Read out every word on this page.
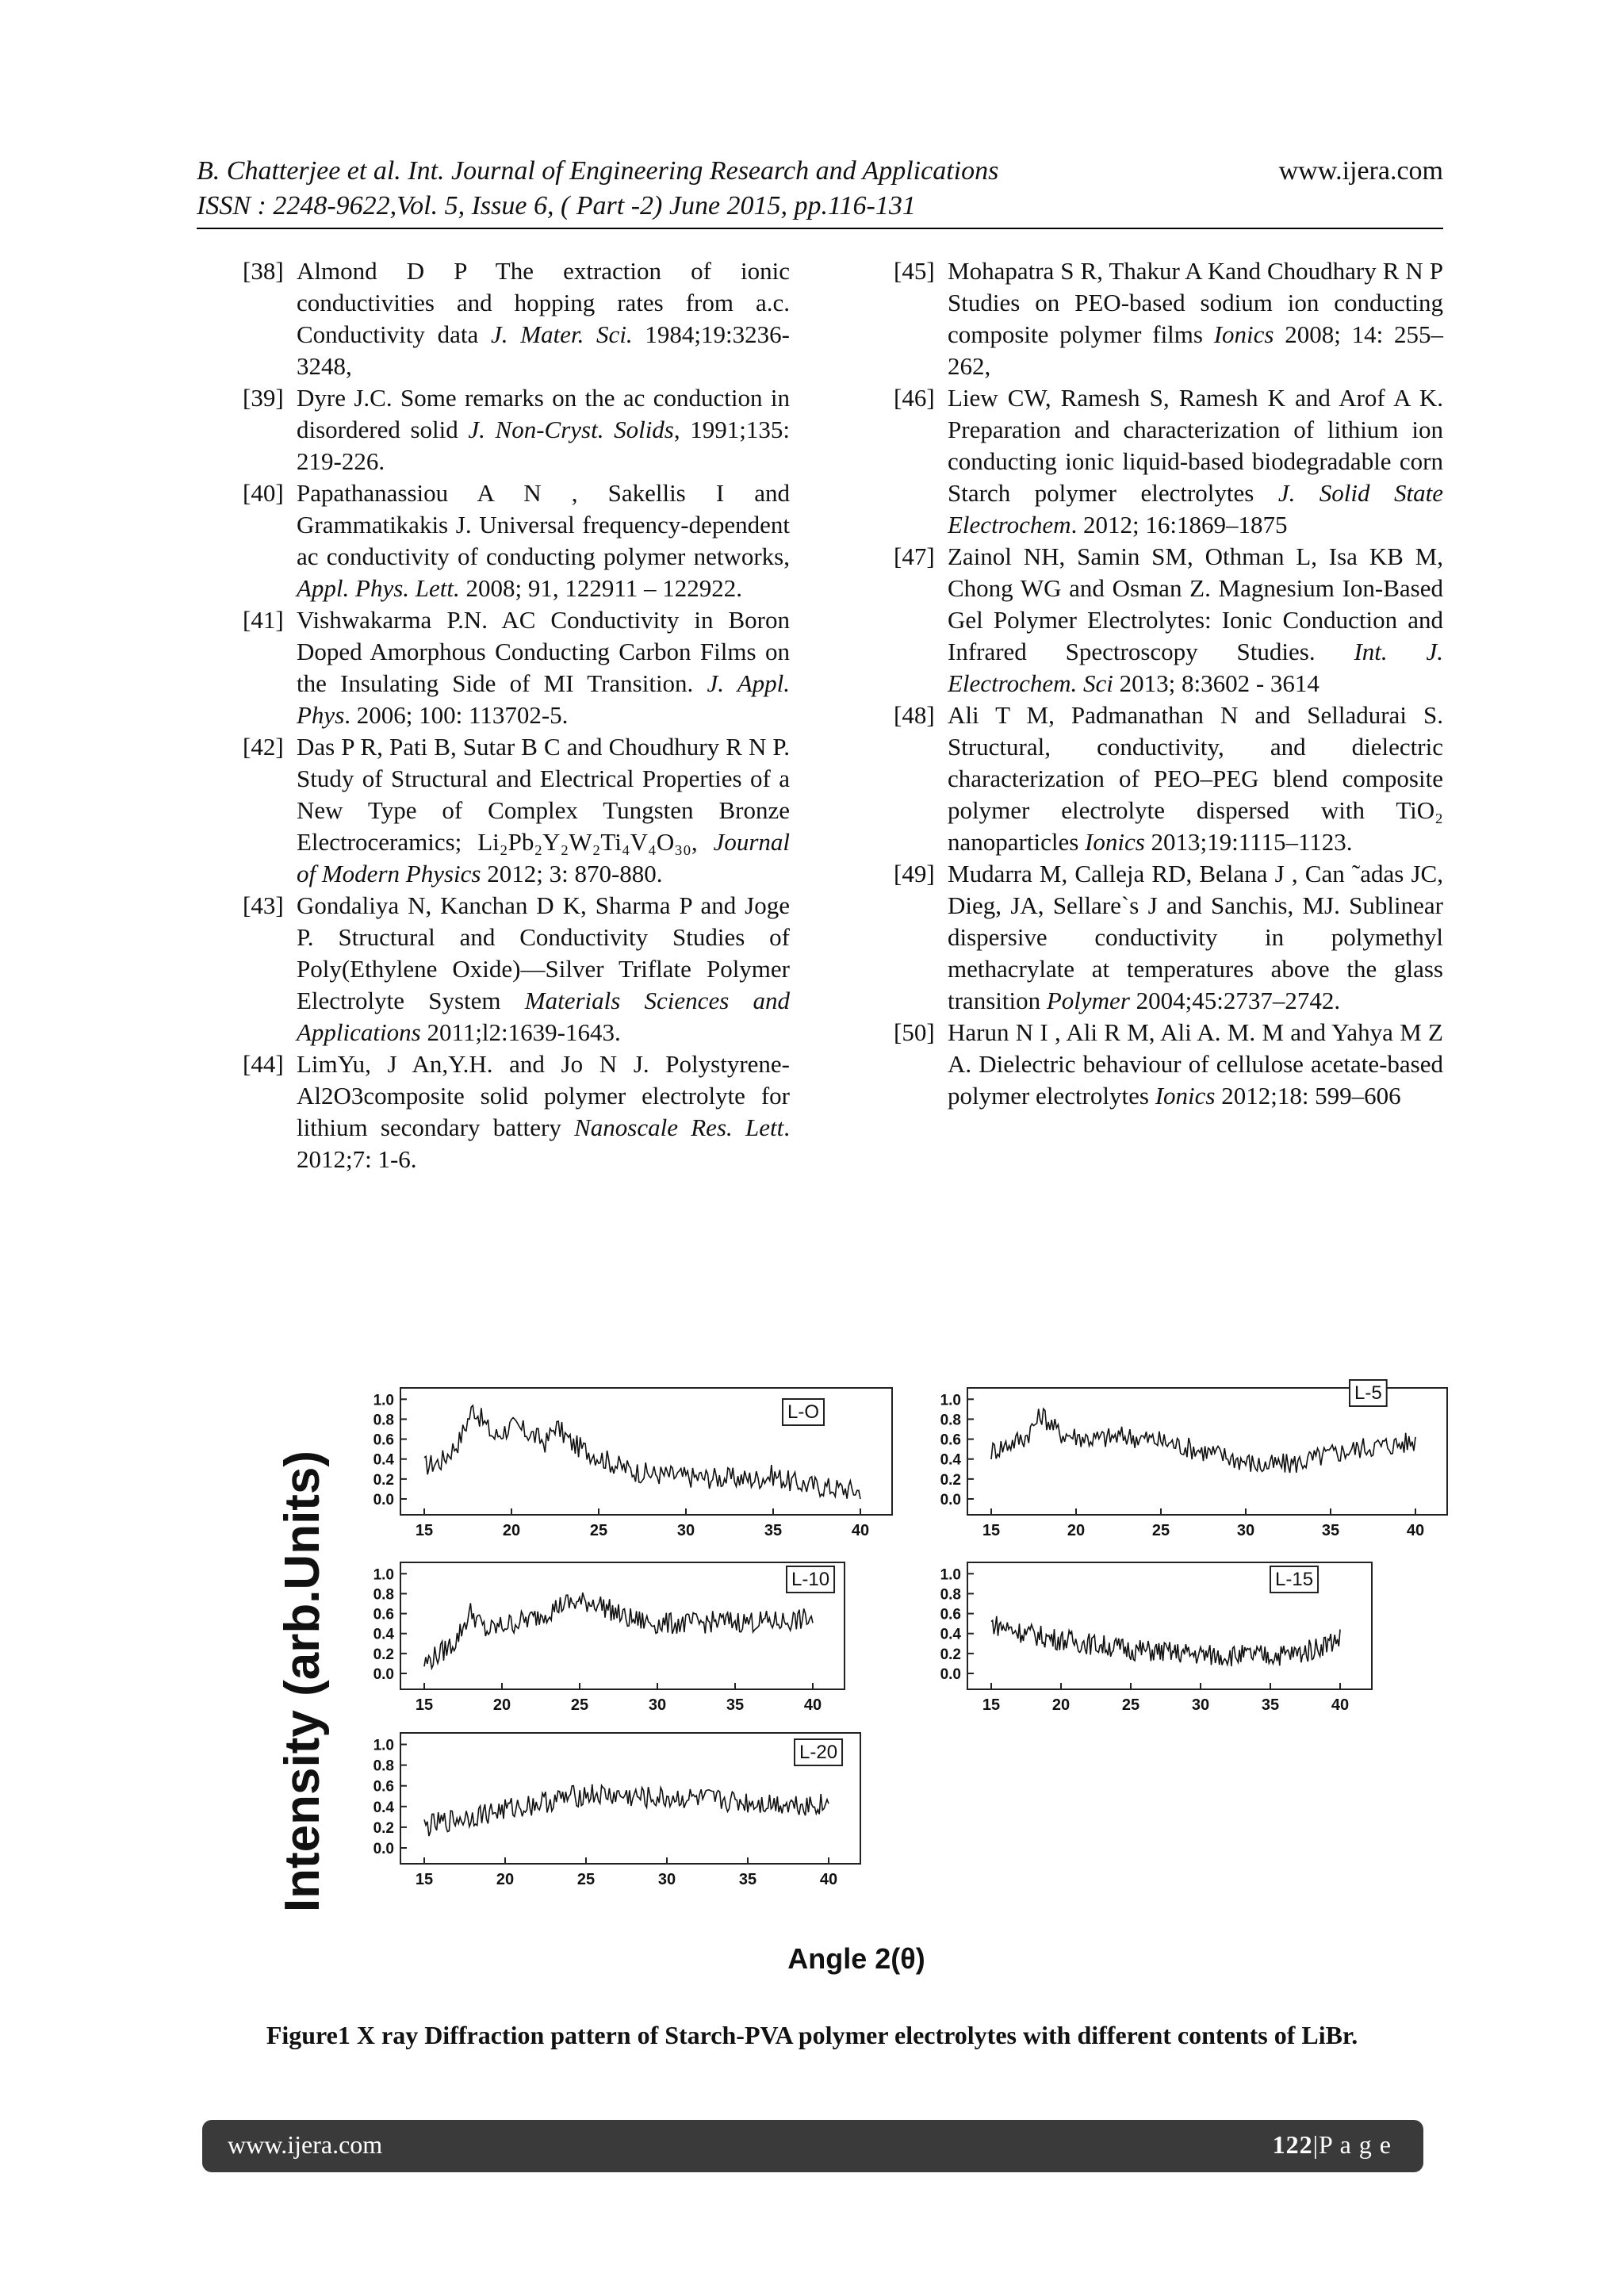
B. Chatterjee et al. Int. Journal of Engineering Research and Applications
ISSN : 2248-9622,Vol. 5, Issue 6, ( Part -2) June 2015, pp.116-131
www.ijera.com

[38] Almond D P The extraction of ionic conductivities and hopping rates from a.c. Conductivity data J. Mater. Sci. 1984;19:3236-3248,

[39] Dyre J.C. Some remarks on the ac conduction in disordered solid J. Non-Cryst. Solids, 1991;135: 219-226.

[40] Papathanassiou A N , Sakellis I and Grammatikakis J. Universal frequency-dependent ac conductivity of conducting polymer networks, Appl. Phys. Lett. 2008; 91, 122911 – 122922.

[41] Vishwakarma P.N. AC Conductivity in Boron Doped Amorphous Conducting Carbon Films on the Insulating Side of MI Transition. J. Appl. Phys. 2006; 100: 113702-5.

[42] Das P R, Pati B, Sutar B C and Choudhury R N P. Study of Structural and Electrical Properties of a New Type of Complex Tungsten Bronze Electroceramics; Li₂Pb₂Y₂W₂Ti₄V₄O₃₀, Journal of Modern Physics 2012; 3: 870-880.

[43] Gondaliya N, Kanchan D K, Sharma P and Joge P. Structural and Conductivity Studies of Poly(Ethylene Oxide)—Silver Triflate Polymer Electrolyte System Materials Sciences and Applications 2011;l2:1639-1643.

[44] LimYu, J An,Y.H. and Jo N J. Polystyrene-Al2O3composite solid polymer electrolyte for lithium secondary battery Nanoscale Res. Lett. 2012;7: 1-6.

[45] Mohapatra S R, Thakur A Kand Choudhary R N P Studies on PEO-based sodium ion conducting composite polymer films Ionics 2008; 14: 255–262,

[46] Liew CW, Ramesh S, Ramesh K and Arof A K. Preparation and characterization of lithium ion conducting ionic liquid-based biodegradable corn Starch polymer electrolytes J. Solid State Electrochem. 2012; 16:1869–1875

[47] Zainol NH, Samin SM, Othman L, Isa KB M, Chong WG and Osman Z. Magnesium Ion-Based Gel Polymer Electrolytes: Ionic Conduction and Infrared Spectroscopy Studies. Int. J. Electrochem. Sci 2013; 8:3602 - 3614

[48] Ali T M, Padmanathan N and Selladurai S. Structural, conductivity, and dielectric characterization of PEO–PEG blend composite polymer electrolyte dispersed with TiO₂ nanoparticles Ionics 2013;19:1115–1123.

[49] Mudarra M, Calleja RD, Belana J , Can ˜adas JC, Dieg, JA, Sellare`s J and Sanchis, MJ. Sublinear dispersive conductivity in polymethyl methacrylate at temperatures above the glass transition Polymer 2004;45:2737–2742.

[50] Harun N I , Ali R M, Ali A. M. M and Yahya M Z A. Dielectric behaviour of cellulose acetate-based polymer electrolytes Ionics 2012;18: 599–606

Intensity (arb.Units)
Angle 2(θ)
0.0
0.2
0.4
0.6
0.8
1.0
15	20	25	30	35	40
L-O
0.0
0.2
0.4
0.6
0.8
1.0
15	20	25	30	35	40
L-5
0.0
0.2
0.4
0.6
0.8
1.0
15	20	25	30	35	40
L-10
0.0
0.2
0.4
0.6
0.8
1.0
15	20	25	30	35	40
L-15
0.0
0.2
0.4
0.6
0.8
1.0
15	20	25	30	35	40
L-20
Figure1 X ray Diffraction pattern of Starch-PVA polymer electrolytes with different contents of LiBr.
www.ijera.com	122|P a g e
